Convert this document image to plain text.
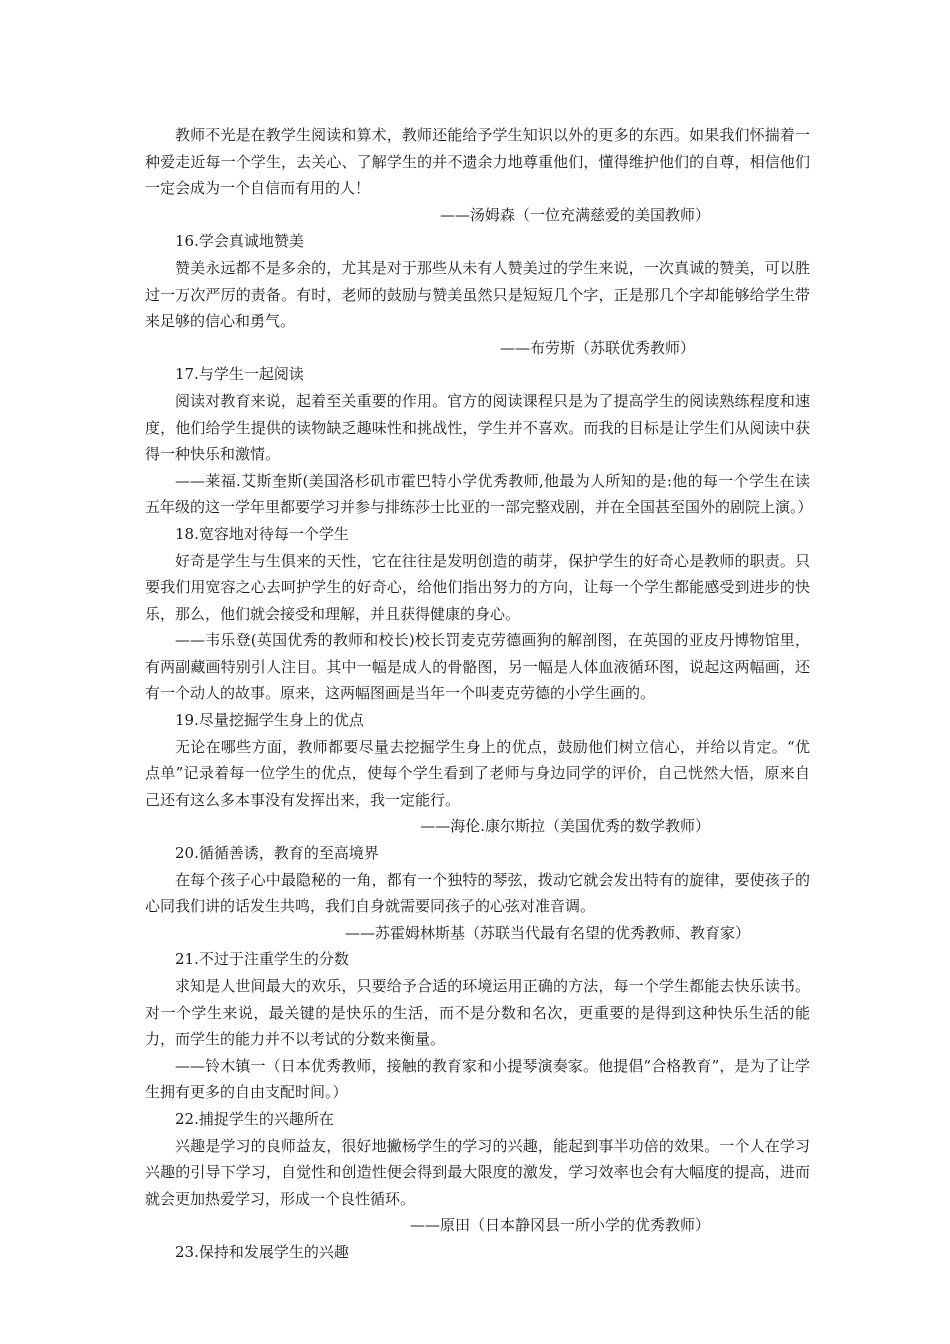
教师不光是在教学生阅读和算术，教师还能给予学生知识以外的更多的东西。如果我们怀揣着一种爱走近每一个学生，去关心、了解学生的并不遗余力地尊重他们，懂得维护他们的自尊，相信他们一定会成为一个自信而有用的人！

——汤姆森（一位充满慈爱的美国教师）

16.学会真诚地赞美

赞美永远都不是多余的，尤其是对于那些从未有人赞美过的学生来说，一次真诚的赞美，可以胜过一万次严厉的责备。有时，老师的鼓励与赞美虽然只是短短几个字，正是那几个字却能够给学生带来足够的信心和勇气。

——布劳斯（苏联优秀教师）

17.与学生一起阅读

阅读对教育来说，起着至关重要的作用。官方的阅读课程只是为了提高学生的阅读熟练程度和速度，他们给学生提供的读物缺乏趣味性和挑战性，学生并不喜欢。而我的目标是让学生们从阅读中获得一种快乐和激情。

——莱福.艾斯奎斯(美国洛杉矶市霍巴特小学优秀教师,他最为人所知的是:他的每一个学生在读五年级的这一学年里都要学习并参与排练莎士比亚的一部完整戏剧，并在全国甚至国外的剧院上演。）

18.宽容地对待每一个学生

好奇是学生与生俱来的天性，它在往往是发明创造的萌芽，保护学生的好奇心是教师的职责。只要我们用宽容之心去呵护学生的好奇心，给他们指出努力的方向，让每一个学生都能感受到进步的快乐，那么，他们就会接受和理解，并且获得健康的身心。

——韦乐登(英国优秀的教师和校长)校长罚麦克劳德画狗的解剖图，在英国的亚皮丹博物馆里，有两副藏画特别引人注目。其中一幅是成人的骨骼图，另一幅是人体血液循环图，说起这两幅画，还有一个动人的故事。原来，这两幅图画是当年一个叫麦克劳德的小学生画的。

19.尽量挖掘学生身上的优点

无论在哪些方面，教师都要尽量去挖掘学生身上的优点，鼓励他们树立信心，并给以肯定。“优点单”记录着每一位学生的优点，使每个学生看到了老师与身边同学的评价，自己恍然大悟，原来自己还有这么多本事没有发挥出来，我一定能行。

——海伦.康尔斯拉（美国优秀的数学教师）

20.循循善诱，教育的至高境界

在每个孩子心中最隐秘的一角，都有一个独特的琴弦，拨动它就会发出特有的旋律，要使孩子的心同我们讲的话发生共鸣，我们自身就需要同孩子的心弦对准音调。

——苏霍姆林斯基（苏联当代最有名望的优秀教师、教育家）

21.不过于注重学生的分数

求知是人世间最大的欢乐，只要给予合适的环境运用正确的方法，每一个学生都能去快乐读书。对一个学生来说，最关键的是快乐的生活，而不是分数和名次，更重要的是得到这种快乐生活的能力，而学生的能力并不以考试的分数来衡量。

——铃木镇一（日本优秀教师，接触的教育家和小提琴演奏家。他提倡“合格教育”，是为了让学生拥有更多的自由支配时间。）

22.捕捉学生的兴趣所在

兴趣是学习的良师益友，很好地撇杨学生的学习的兴趣，能起到事半功倍的效果。一个人在学习兴趣的引导下学习，自觉性和创造性便会得到最大限度的激发，学习效率也会有大幅度的提高，进而就会更加热爱学习，形成一个良性循环。

——原田（日本静冈县一所小学的优秀教师）

23.保持和发展学生的兴趣
